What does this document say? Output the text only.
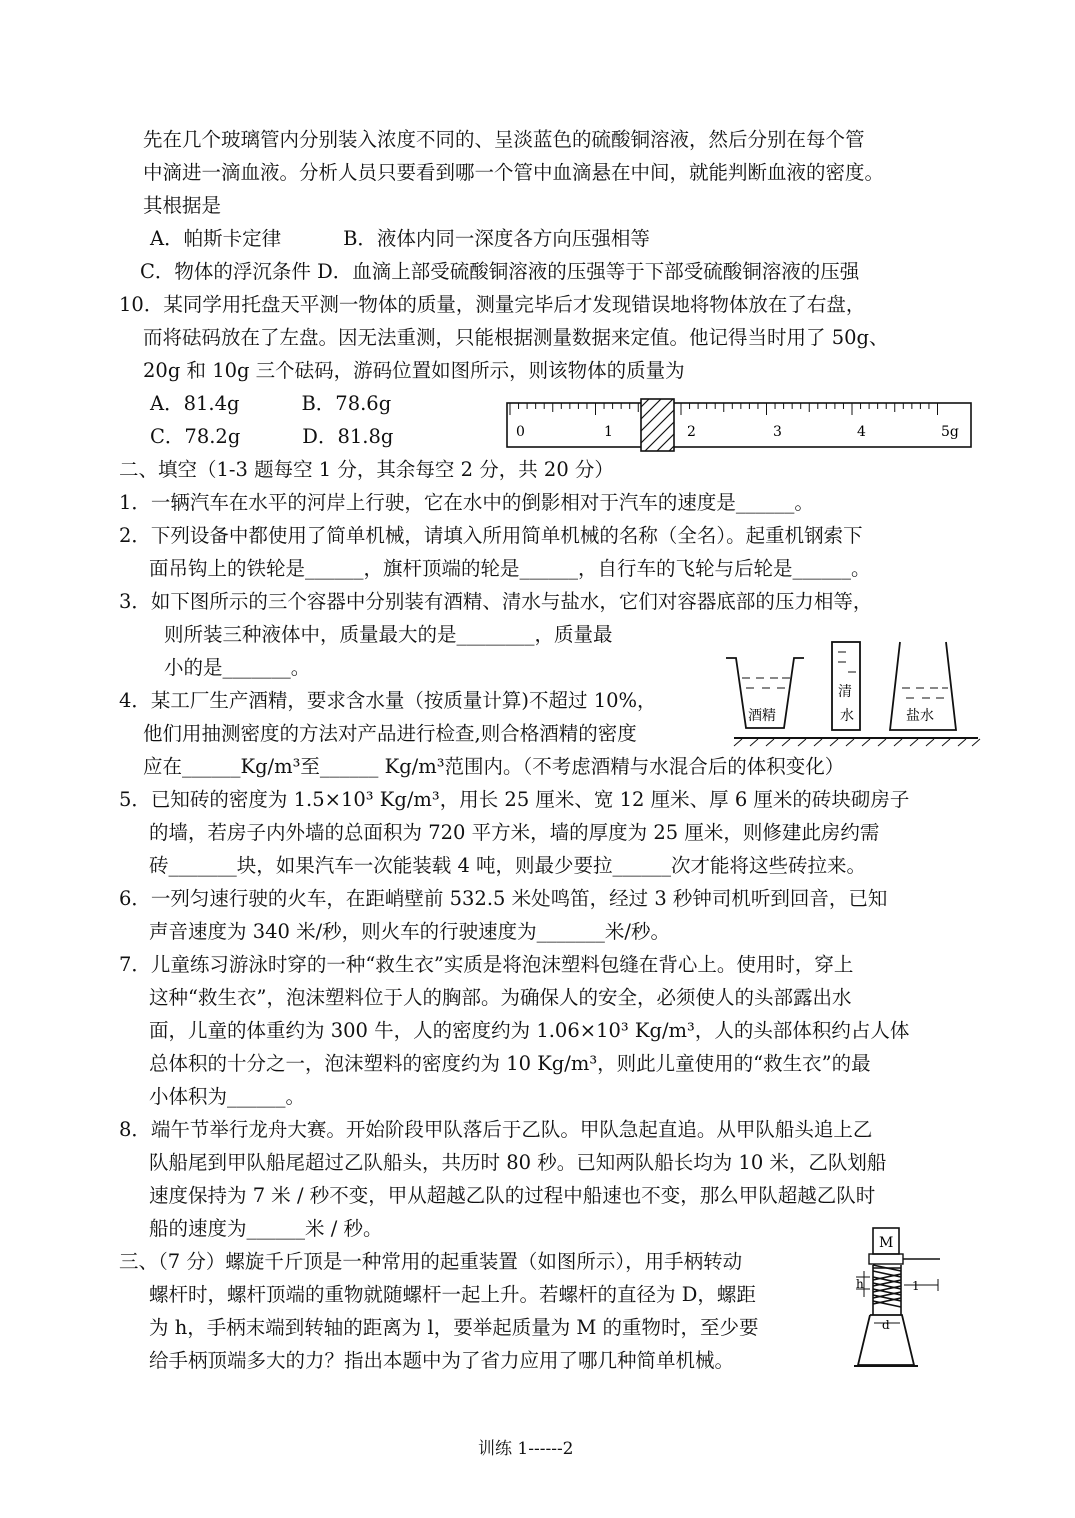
先在几个玻璃管内分别装入浓度不同的、呈淡蓝色的硫酸铜溶液，然后分别在每个管
中滴进一滴血液。分析人员只要看到哪一个管中血滴悬在中间，就能判断血液的密度。
其根据是
A．帕斯卡定律          B．液体内同一深度各方向压强相等
C．物体的浮沉条件 D．血滴上部受硫酸铜溶液的压强等于下部受硫酸铜溶液的压强
10．某同学用托盘天平测一物体的质量，测量完毕后才发现错误地将物体放在了右盘，
而将砝码放在了左盘。因无法重测，只能根据测量数据来定值。他记得当时用了 50g、
20g 和 10g 三个砝码，游码位置如图所示，则该物体的质量为
A．81.4g          B．78.6g
C．78.2g          D．81.8g
二、填空（1-3 题每空 1 分，其余每空 2 分，共 20 分）
1．一辆汽车在水平的河岸上行驶，它在水中的倒影相对于汽车的速度是______。
2．下列设备中都使用了简单机械，请填入所用简单机械的名称（全名）。起重机钢索下
面吊钩上的铁轮是______，旗杆顶端的轮是______，自行车的飞轮与后轮是______。
3．如下图所示的三个容器中分别装有酒精、清水与盐水，它们对容器底部的压力相等，
则所装三种液体中，质量最大的是________，质量最
小的是_______。
4．某工厂生产酒精，要求含水量（按质量计算)不超过 10%，
他们用抽测密度的方法对产品进行检查,则合格酒精的密度
应在______Kg/m³至______ Kg/m³范围内。（不考虑酒精与水混合后的体积变化）
5．已知砖的密度为 1.5×10³ Kg/m³，用长 25 厘米、宽 12 厘米、厚 6 厘米的砖块砌房子
的墙，若房子内外墙的总面积为 720 平方米，墙的厚度为 25 厘米，则修建此房约需
砖_______块，如果汽车一次能装载 4 吨，则最少要拉______次才能将这些砖拉来。
6．一列匀速行驶的火车，在距峭壁前 532.5 米处鸣笛，经过 3 秒钟司机听到回音，已知
声音速度为 340 米/秒，则火车的行驶速度为_______米/秒。
7．儿童练习游泳时穿的一种“救生衣”实质是将泡沫塑料包缝在背心上。使用时，穿上
这种“救生衣”，泡沫塑料位于人的胸部。为确保人的安全，必须使人的头部露出水
面，儿童的体重约为 300 牛，人的密度约为 1.06×10³ Kg/m³，人的头部体积约占人体
总体积的十分之一，泡沫塑料的密度约为 10 Kg/m³，则此儿童使用的“救生衣”的最
小体积为______。
8．端午节举行龙舟大赛。开始阶段甲队落后于乙队。甲队急起直追。从甲队船头追上乙
队船尾到甲队船尾超过乙队船头，共历时 80 秒。已知两队船长均为 10 米，乙队划船
速度保持为 7 米 / 秒不变，甲从超越乙队的过程中船速也不变，那么甲队超越乙队时
船的速度为______米 / 秒。
三、（7 分）螺旋千斤顶是一种常用的起重装置（如图所示），用手柄转动
螺杆时，螺杆顶端的重物就随螺杆一起上升。若螺杆的直径为 D，螺距
为 h，手柄末端到转轴的距离为 l，要举起质量为 M 的重物时，至少要
给手柄顶端多大的力？指出本题中为了省力应用了哪几种简单机械。
0	1	2	3	4	5g
酒精
清
水	盐水
M
h	1
d
训练 1------2
